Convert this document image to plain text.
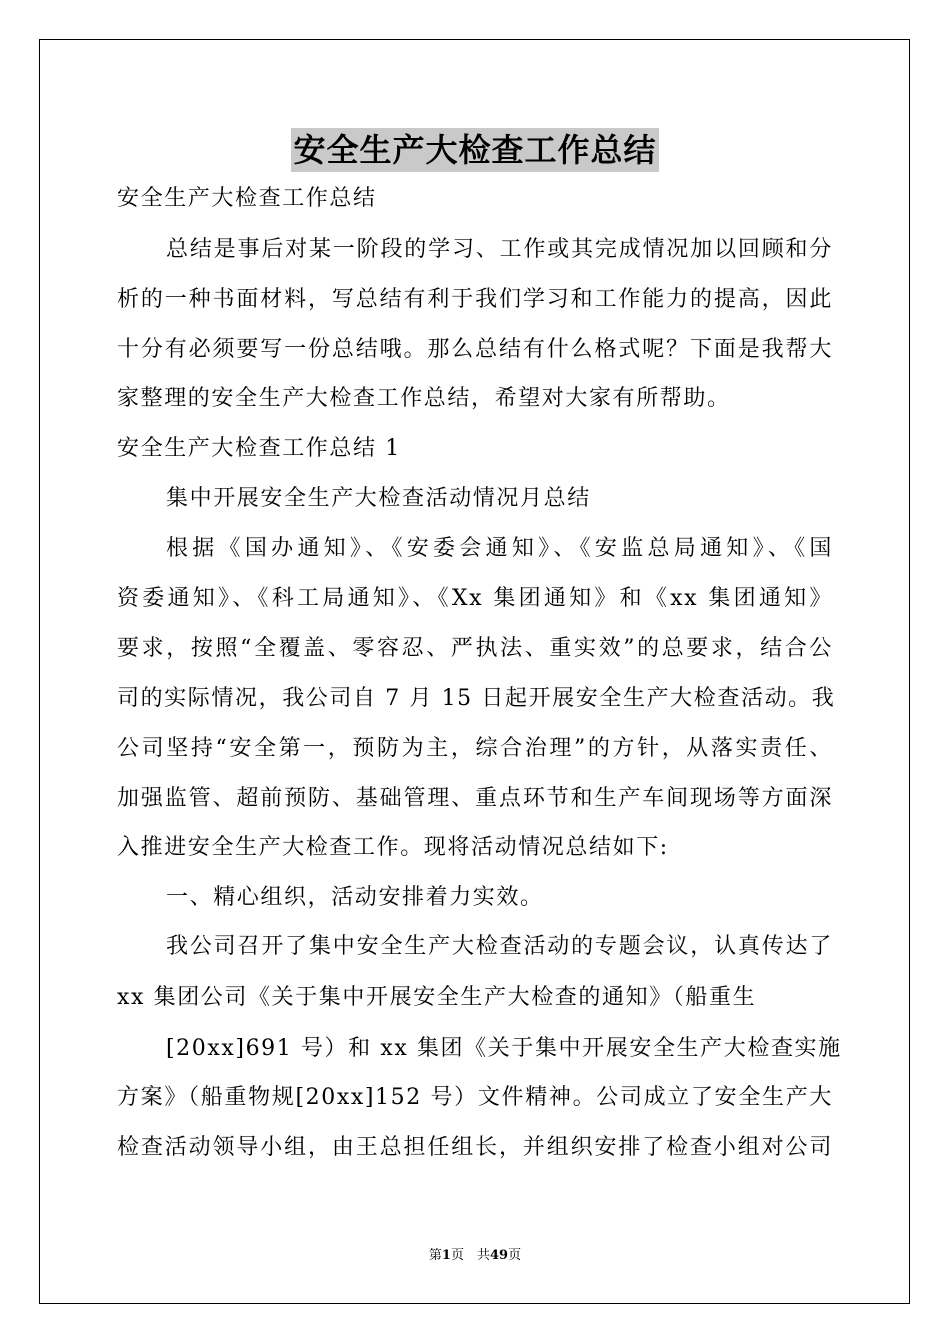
安全生产大检查工作总结
安全生产大检查工作总结
总结是事后对某一阶段的学习、工作或其完成情况加以回顾和分
析的一种书面材料，写总结有利于我们学习和工作能力的提高，因此
十分有必须要写一份总结哦。那么总结有什么格式呢？下面是我帮大
家整理的安全生产大检查工作总结，希望对大家有所帮助。
安全生产大检查工作总结 1
集中开展安全生产大检查活动情况月总结
根据《国办通知》、《安委会通知》、《安监总局通知》、《国
资委通知》、《科工局通知》、《Xx 集团通知》和《xx 集团通知》
要求，按照“全覆盖、零容忍、严执法、重实效”的总要求，结合公
司的实际情况，我公司自 7 月 15 日起开展安全生产大检查活动。我
公司坚持“安全第一，预防为主，综合治理”的方针，从落实责任、
加强监管、超前预防、基础管理、重点环节和生产车间现场等方面深
入推进安全生产大检查工作。现将活动情况总结如下:
一、精心组织，活动安排着力实效。
我公司召开了集中安全生产大检查活动的专题会议，认真传达了
xx 集团公司《关于集中开展安全生产大检查的通知》（船重生
[20xx]691 号）和 xx 集团《关于集中开展安全生产大检查实施
方案》（船重物规[20xx]152 号）文件精神。公司成立了安全生产大
检查活动领导小组，由王总担任组长，并组织安排了检查小组对公司
第1页　共49页
